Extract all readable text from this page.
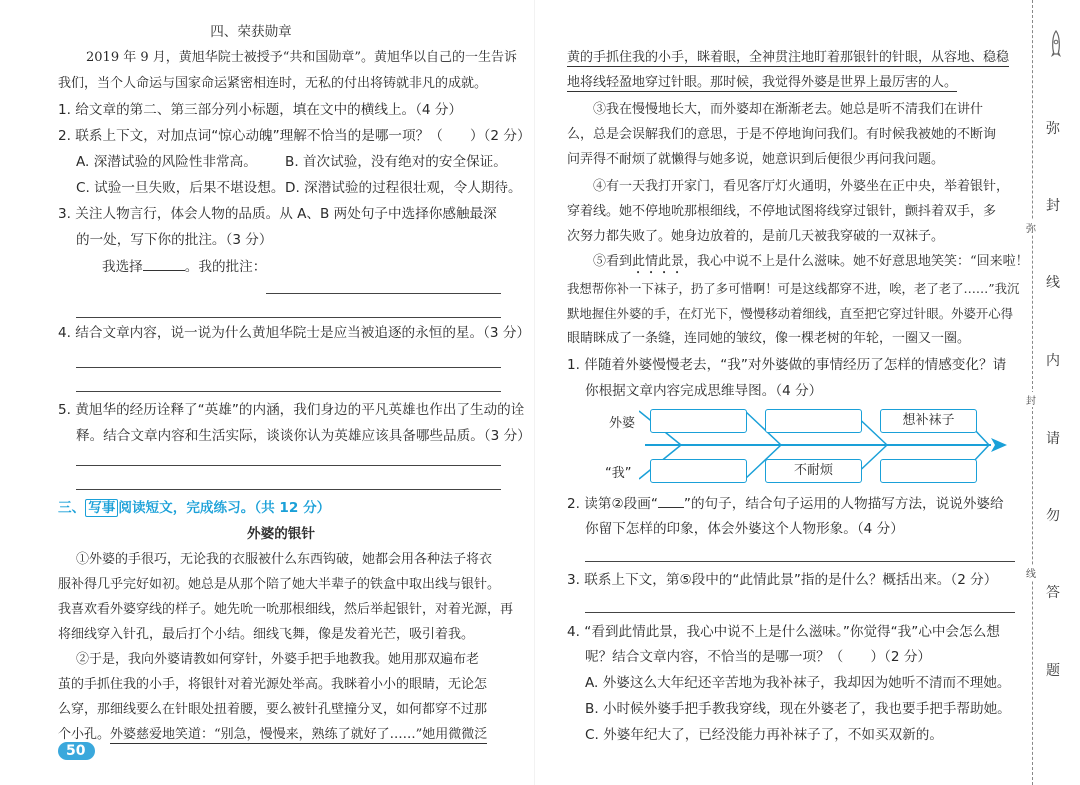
四、荣获勋章
2019 年 9 月，黄旭华院士被授予“共和国勋章”。黄旭华以自己的一生告诉
我们，当个人命运与国家命运紧密相连时，无私的付出将铸就非凡的成就。
1. 给文章的第二、第三部分列小标题，填在文中的横线上。（4 分）
2. 联系上下文，对加点词“惊心动魄”理解不恰当的是哪一项？（　　）（2 分）
A. 深潜试验的风险性非常高。 B. 首次试验，没有绝对的安全保证。
C. 试验一旦失败，后果不堪设想。 D. 深潜试验的过程很壮观，令人期待。
3. 关注人物言行，体会人物的品质。从 A、B 两处句子中选择你感触最深
的一处，写下你的批注。（3 分）
我选择	。我的批注：
4. 结合文章内容，说一说为什么黄旭华院士是应当被追逐的永恒的星。（3 分）
5. 黄旭华的经历诠释了“英雄”的内涵，我们身边的平凡英雄也作出了生动的诠
释。结合文章内容和生活实际，谈谈你认为英雄应该具备哪些品质。（3 分）
三、 写事 阅读短文，完成练习。（共 12 分）
外婆的银针
①外婆的手很巧，无论我的衣服被什么东西钩破，她都会用各种法子将衣
服补得几乎完好如初。她总是从那个陪了她大半辈子的铁盒中取出线与银针。
我喜欢看外婆穿线的样子。她先吮一吮那根细线，然后举起银针，对着光源，再
将细线穿入针孔，最后打个小结。细线飞舞，像是发着光芒，吸引着我。
②于是，我向外婆请教如何穿针，外婆手把手地教我。她用那双遍布老
茧的手抓住我的小手，将银针对着光源处举高。我眯着小小的眼睛，无论怎
么穿，那细线要么在针眼处扭着腰，要么被针孔壁撞分叉，如何都穿不过那
个小孔。外婆慈爱地笑道：“别急，慢慢来，熟练了就好了……”她用微微泛
50
黄的手抓住我的小手，眯着眼，全神贯注地盯着那银针的针眼，从容地、稳稳
地将线轻盈地穿过针眼。那时候，我觉得外婆是世界上最厉害的人。
③我在慢慢地长大，而外婆却在渐渐老去。她总是听不清我们在讲什
么，总是会误解我们的意思，于是不停地询问我们。有时候我被她的不断询
问弄得不耐烦了就懒得与她多说，她意识到后便很少再问我问题。
④有一天我打开家门，看见客厅灯火通明，外婆坐在正中央，举着银针，
穿着线。她不停地吮那根细线，不停地试图将线穿过银针，颤抖着双手，多
次努力都失败了。她身边放着的，是前几天被我穿破的一双袜子。
⑤看到此情此景，我心中说不上是什么滋味。她不好意思地笑笑：“回来啦！
我想帮你补一下袜子，扔了多可惜啊！可是这线都穿不进，唉，老了老了……”我沉
默地握住外婆的手，在灯光下，慢慢移动着细线，直至把它穿过针眼。外婆开心得
眼睛眯成了一条缝，连同她的皱纹，像一棵老树的年轮，一圈又一圈。
1. 伴随着外婆慢慢老去，“我”对外婆做的事情经历了怎样的情感变化？请
你根据文章内容完成思维导图。（4 分）
外婆
“我”
想补袜子
不耐烦
2. 读第②段画“ ”的句子，结合句子运用的人物描写方法，说说外婆给
你留下怎样的印象，体会外婆这个人物形象。（4 分）
3. 联系上下文，第⑤段中的“此情此景”指的是什么？概括出来。（2 分）
4. “看到此情此景，我心中说不上是什么滋味。”你觉得“我”心中会怎么想
呢？结合文章内容，不恰当的是哪一项？（　　）（2 分）
A. 外婆这么大年纪还辛苦地为我补袜子，我却因为她听不清而不理她。
B. 小时候外婆手把手教我穿线，现在外婆老了，我也要手把手帮助她。
C. 外婆年纪大了，已经没能力再补袜子了，不如买双新的。
弥
封
线
内
请
勿
答
题
弥
封
线
